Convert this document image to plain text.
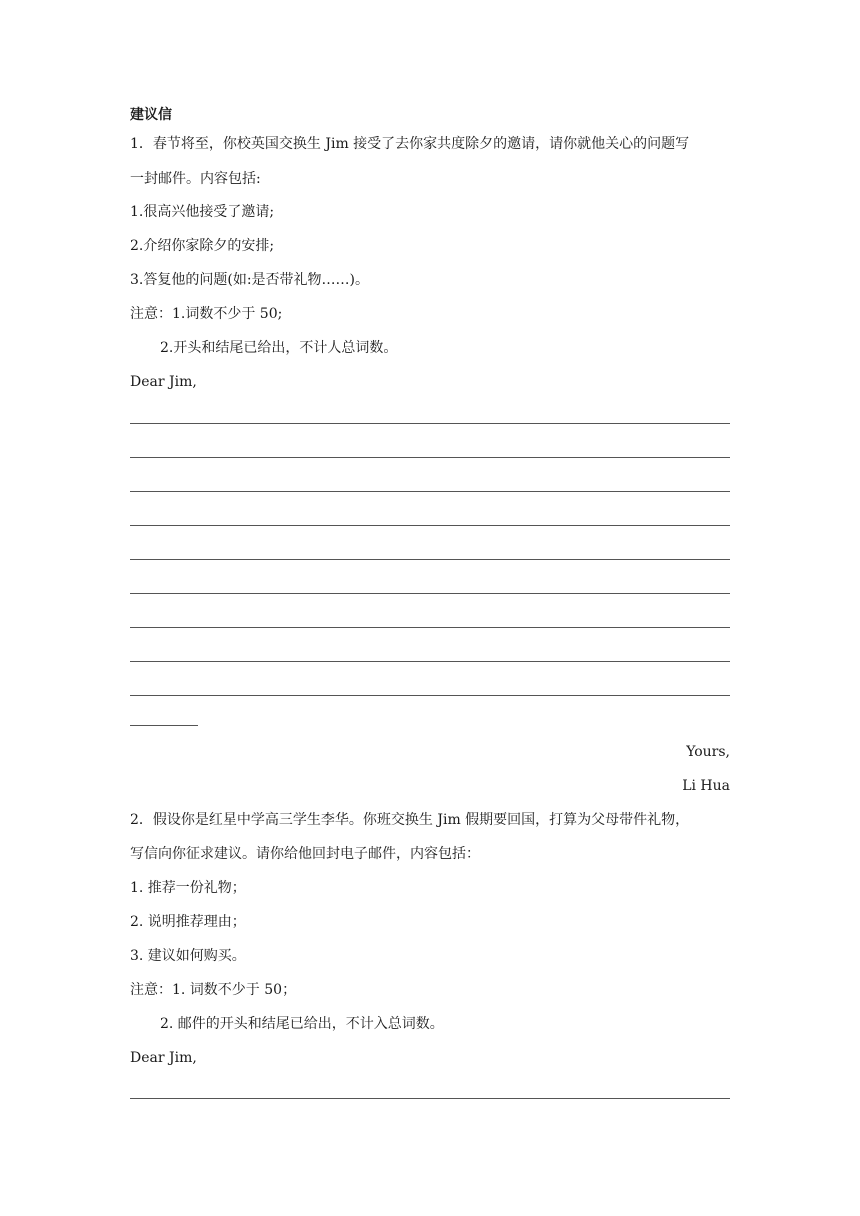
建议信
1．春节将至，你校英国交换生 Jim 接受了去你家共度除夕的邀请，请你就他关心的问题写
一封邮件。内容包括:
1.很高兴他接受了邀请;
2.介绍你家除夕的安排;
3.答复他的问题(如:是否带礼物……)。
注意：1.词数不少于 50;
2.开头和结尾已给出，不计人总词数。
Dear Jim,
Yours,
Li Hua
2．假设你是红星中学高三学生李华。你班交换生 Jim 假期要回国，打算为父母带件礼物，
写信向你征求建议。请你给他回封电子邮件，内容包括：
1. 推荐一份礼物；
2. 说明推荐理由；
3. 建议如何购买。
注意：1. 词数不少于 50；
2. 邮件的开头和结尾已给出，不计入总词数。
Dear Jim,
